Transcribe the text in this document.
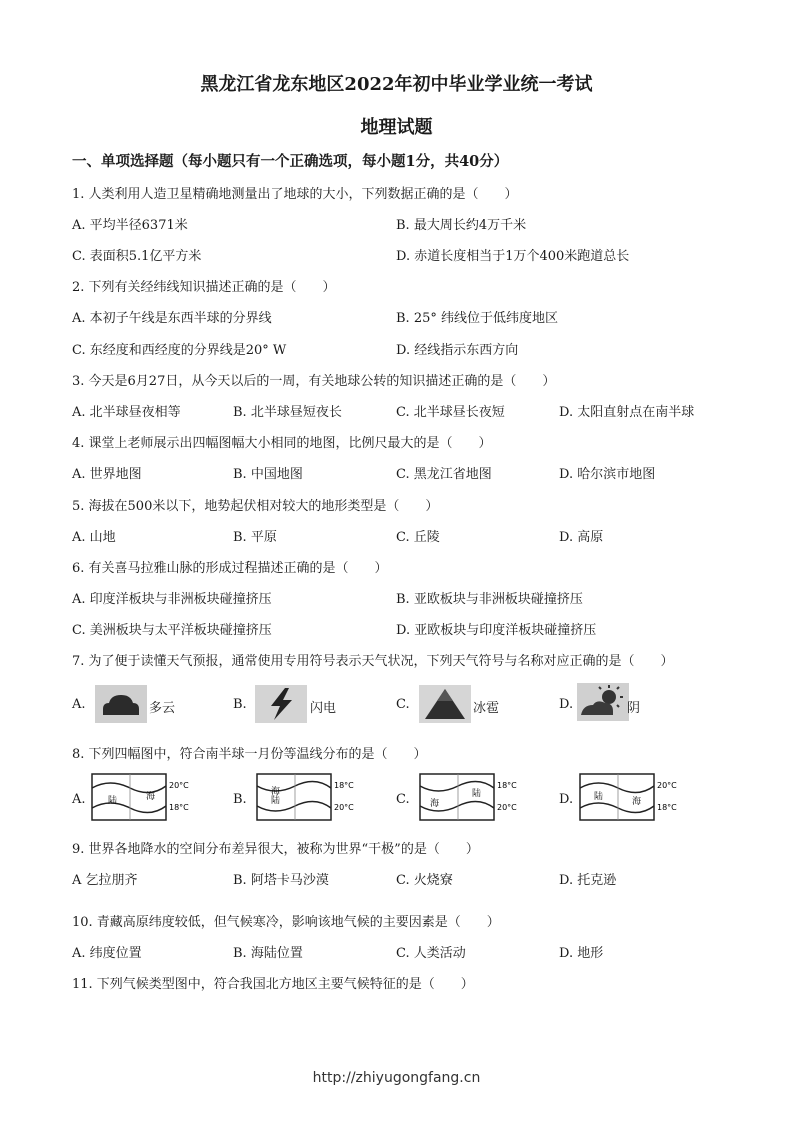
黑龙江省龙东地区2022年初中毕业学业统一考试
地理试题
一、单项选择题（每小题只有一个正确选项，每小题1分，共40分）
1. 人类利用人造卫星精确地测量出了地球的大小，下列数据正确的是（　　）
A. 平均半径6371米	B. 最大周长约4万千米
C. 表面积5.1亿平方米	D. 赤道长度相当于1万个400米跑道总长
2. 下列有关经纬线知识描述正确的是（　　）
A. 本初子午线是东西半球的分界线	B. 25° 纬线位于低纬度地区
C. 东经度和西经度的分界线是20° W	D. 经线指示东西方向
3. 今天是6月27日，从今天以后的一周，有关地球公转的知识描述正确的是（　　）
A. 北半球昼夜相等	B. 北半球昼短夜长	C. 北半球昼长夜短	D. 太阳直射点在南半球
4. 课堂上老师展示出四幅图幅大小相同的地图，比例尺最大的是（　　）
A. 世界地图	B. 中国地图	C. 黑龙江省地图	D. 哈尔滨市地图
5. 海拔在500米以下，地势起伏相对较大的地形类型是（　　）
A. 山地	B. 平原	C. 丘陵	D. 高原
6. 有关喜马拉雅山脉的形成过程描述正确的是（　　）
A. 印度洋板块与非洲板块碰撞挤压	B. 亚欧板块与非洲板块碰撞挤压
C. 美洲板块与太平洋板块碰撞挤压	D. 亚欧板块与印度洋板块碰撞挤压
7. 为了便于读懂天气预报，通常使用专用符号表示天气状况，下列天气符号与名称对应正确的是（　　）
A.	多云	B.	闪电	C.	冰雹	D.	阴
8. 下列四幅图中，符合南半球一月份等温线分布的是（　　）
A.	海
陆
20°C
18°C
B.	海
陆
18°C
20°C
C.	陆
海
18°C
20°C
D. 陆	海
20°C
18°C
9. 世界各地降水的空间分布差异很大，被称为世界“干极”的是（　　）
A 乞拉朋齐	B. 阿塔卡马沙漠	C. 火烧寮	D. 托克逊
10. 青藏高原纬度较低，但气候寒冷，影响该地气候的主要因素是（　　）
A. 纬度位置	B. 海陆位置	C. 人类活动	D. 地形
11. 下列气候类型图中，符合我国北方地区主要气候特征的是（　　）
http://zhiyugongfang.cn
